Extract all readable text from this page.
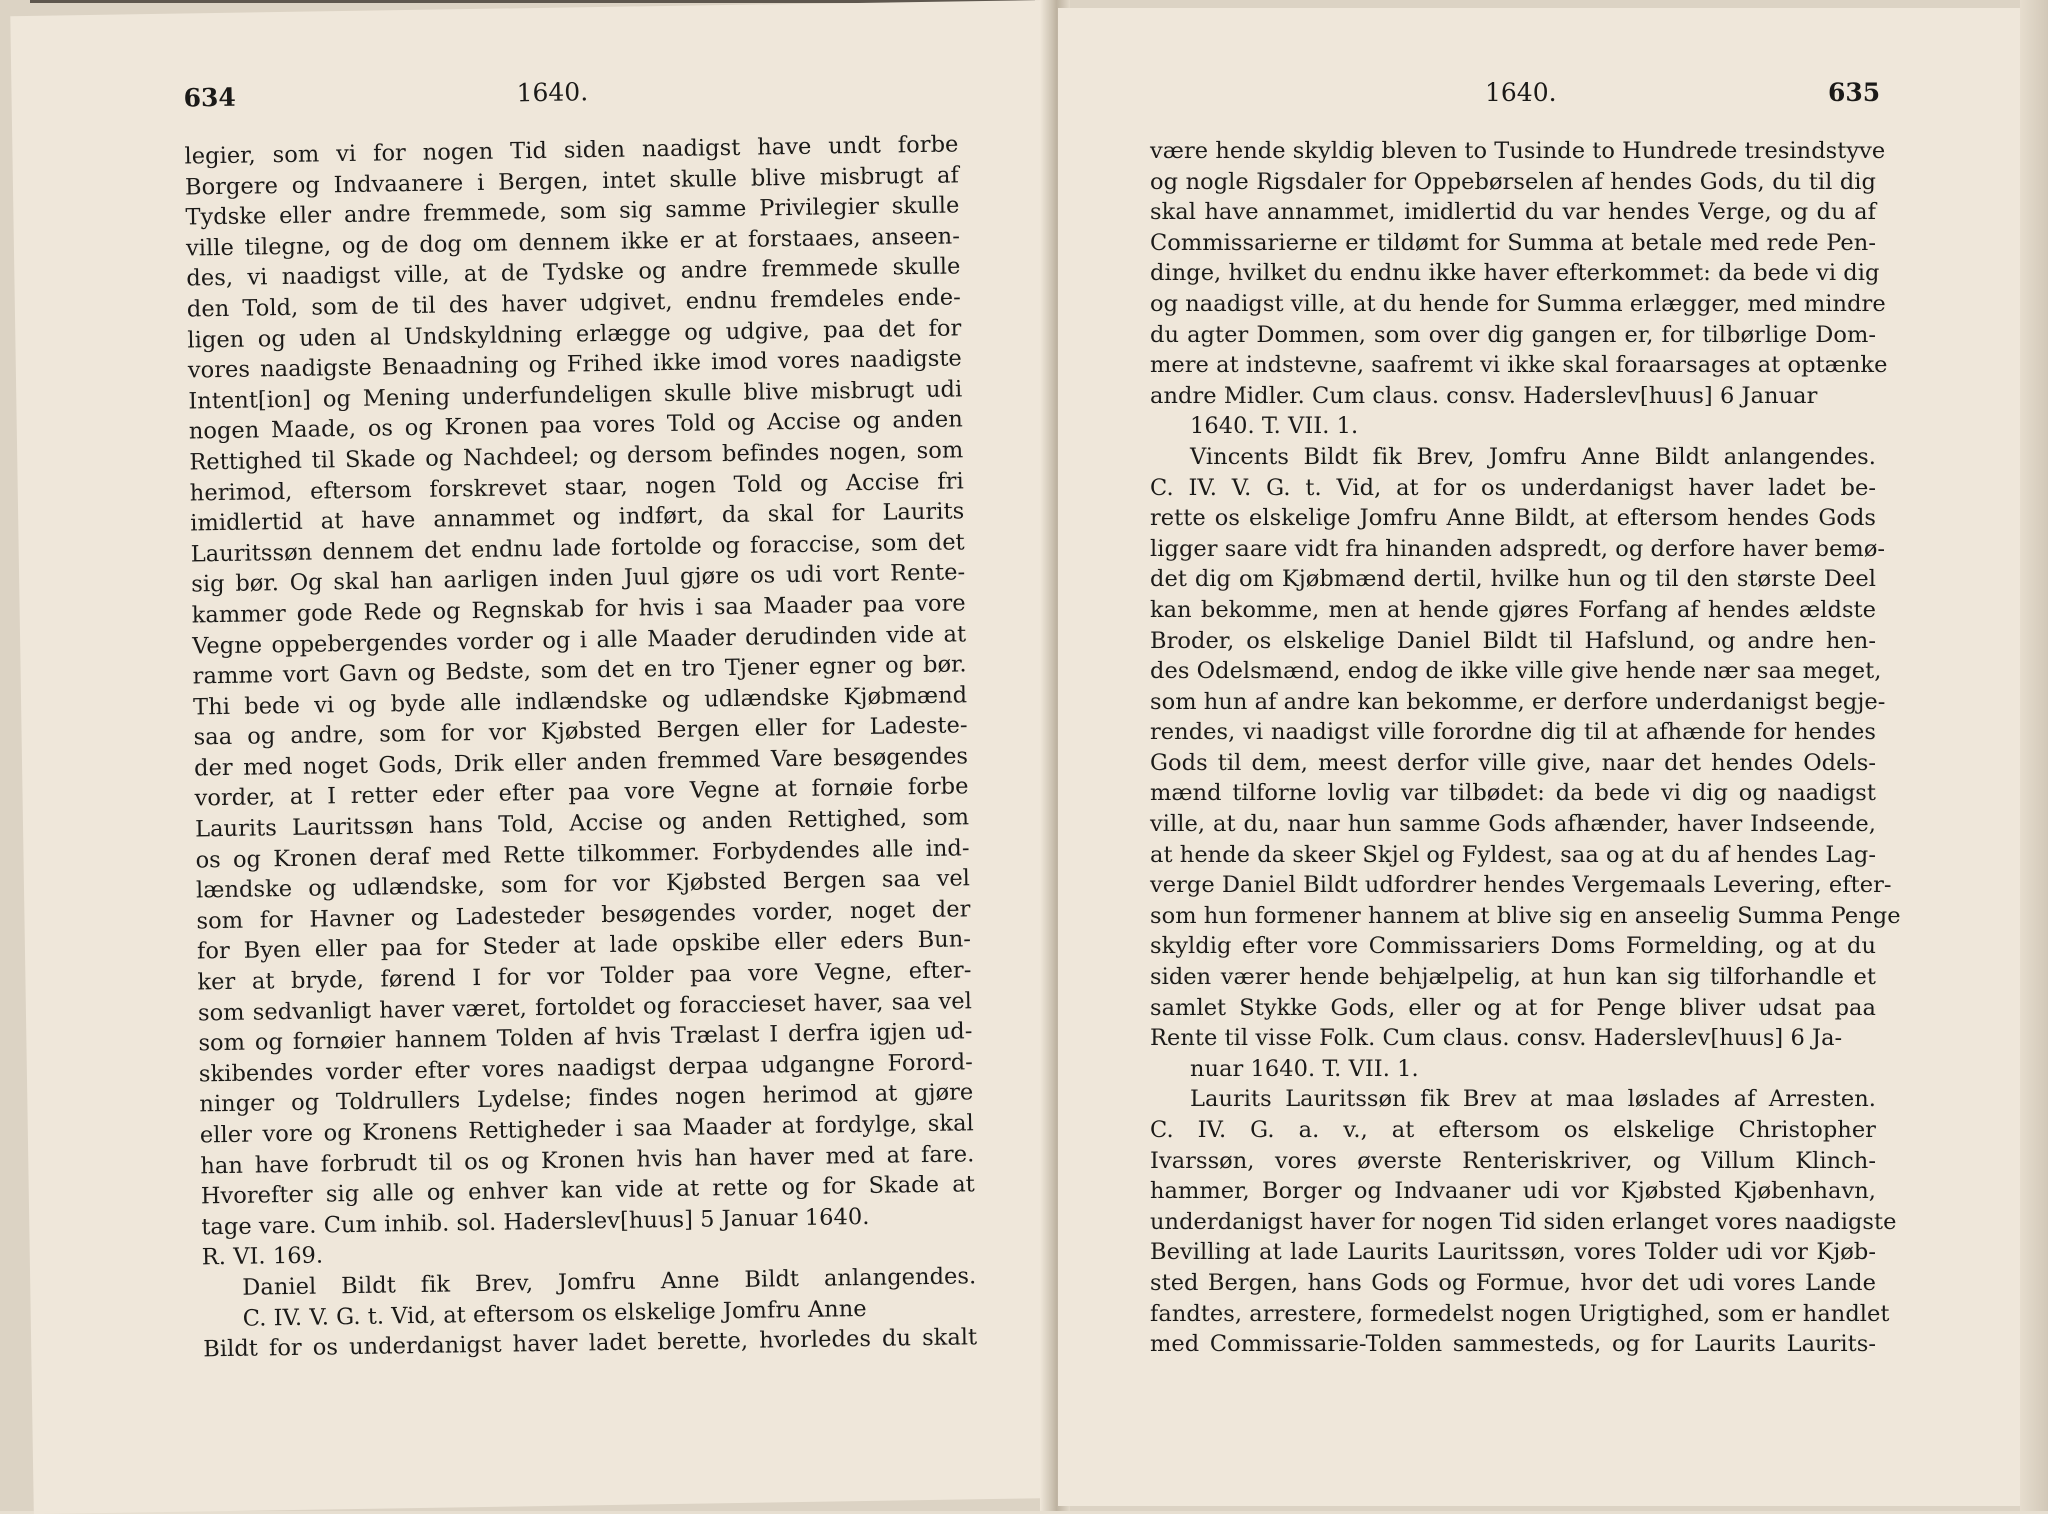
634	1640.
legier, som vi for nogen Tid siden naadigst have undt forbe
Borgere og Indvaanere i Bergen, intet skulle blive misbrugt af
Tydske eller andre fremmede, som sig samme Privilegier skulle
ville tilegne, og de dog om dennem ikke er at forstaaes, anseen-
des, vi naadigst ville, at de Tydske og andre fremmede skulle
den Told, som de til des haver udgivet, endnu fremdeles ende-
ligen og uden al Undskyldning erlægge og udgive, paa det for
vores naadigste Benaadning og Frihed ikke imod vores naadigste
Intent[ion] og Mening underfundeligen skulle blive misbrugt udi
nogen Maade, os og Kronen paa vores Told og Accise og anden
Rettighed til Skade og Nachdeel; og dersom befindes nogen, som
herimod, eftersom forskrevet staar, nogen Told og Accise fri
imidlertid at have annammet og indført, da skal for Laurits
Lauritssøn dennem det endnu lade fortolde og foraccise, som det
sig bør. Og skal han aarligen inden Juul gjøre os udi vort Rente-
kammer gode Rede og Regnskab for hvis i saa Maader paa vore
Vegne oppebergendes vorder og i alle Maader derudinden vide at
ramme vort Gavn og Bedste, som det en tro Tjener egner og bør.
Thi bede vi og byde alle indlændske og udlændske Kjøbmænd
saa og andre, som for vor Kjøbsted Bergen eller for Ladeste-
der med noget Gods, Drik eller anden fremmed Vare besøgendes
vorder, at I retter eder efter paa vore Vegne at fornøie forbe
Laurits Lauritssøn hans Told, Accise og anden Rettighed, som
os og Kronen deraf med Rette tilkommer. Forbydendes alle ind-
lændske og udlændske, som for vor Kjøbsted Bergen saa vel
som for Havner og Ladesteder besøgendes vorder, noget der
for Byen eller paa for Steder at lade opskibe eller eders Bun-
ker at bryde, førend I for vor Tolder paa vore Vegne, efter-
som sedvanligt haver været, fortoldet og foraccieset haver, saa vel
som og fornøier hannem Tolden af hvis Trælast I derfra igjen ud-
skibendes vorder efter vores naadigst derpaa udgangne Forord-
ninger og Toldrullers Lydelse; findes nogen herimod at gjøre
eller vore og Kronens Rettigheder i saa Maader at fordylge, skal
han have forbrudt til os og Kronen hvis han haver med at fare.
Hvorefter sig alle og enhver kan vide at rette og for Skade at
tage vare. Cum inhib. sol. Haderslev[huus] 5 Januar 1640.
R. VI. 169.
Daniel Bildt fik Brev, Jomfru Anne Bildt anlangendes.
C. IV. V. G. t. Vid, at eftersom os elskelige Jomfru Anne
Bildt for os underdanigst haver ladet berette, hvorledes du skalt
1640.	635
være hende skyldig bleven to Tusinde to Hundrede tresindstyve
og nogle Rigsdaler for Oppebørselen af hendes Gods, du til dig
skal have annammet, imidlertid du var hendes Verge, og du af
Commissarierne er tildømt for Summa at betale med rede Pen-
dinge, hvilket du endnu ikke haver efterkommet: da bede vi dig
og naadigst ville, at du hende for Summa erlægger, med mindre
du agter Dommen, som over dig gangen er, for tilbørlige Dom-
mere at indstevne, saafremt vi ikke skal foraarsages at optænke
andre Midler. Cum claus. consv. Haderslev[huus] 6 Januar
1640. T. VII. 1.
Vincents Bildt fik Brev, Jomfru Anne Bildt anlangendes.
C. IV. V. G. t. Vid, at for os underdanigst haver ladet be-
rette os elskelige Jomfru Anne Bildt, at eftersom hendes Gods
ligger saare vidt fra hinanden adspredt, og derfore haver bemø-
det dig om Kjøbmænd dertil, hvilke hun og til den største Deel
kan bekomme, men at hende gjøres Forfang af hendes ældste
Broder, os elskelige Daniel Bildt til Hafslund, og andre hen-
des Odelsmænd, endog de ikke ville give hende nær saa meget,
som hun af andre kan bekomme, er derfore underdanigst begje-
rendes, vi naadigst ville forordne dig til at afhænde for hendes
Gods til dem, meest derfor ville give, naar det hendes Odels-
mænd tilforne lovlig var tilbødet: da bede vi dig og naadigst
ville, at du, naar hun samme Gods afhænder, haver Indseende,
at hende da skeer Skjel og Fyldest, saa og at du af hendes Lag-
verge Daniel Bildt udfordrer hendes Vergemaals Levering, efter-
som hun formener hannem at blive sig en anseelig Summa Penge
skyldig efter vore Commissariers Doms Formelding, og at du
siden værer hende behjælpelig, at hun kan sig tilforhandle et
samlet Stykke Gods, eller og at for Penge bliver udsat paa
Rente til visse Folk. Cum claus. consv. Haderslev[huus] 6 Ja-
nuar 1640. T. VII. 1.
Laurits Lauritssøn fik Brev at maa løslades af Arresten.
C. IV. G. a. v., at eftersom os elskelige Christopher
Ivarssøn, vores øverste Renteriskriver, og Villum Klinch-
hammer, Borger og Indvaaner udi vor Kjøbsted Kjøbenhavn,
underdanigst haver for nogen Tid siden erlanget vores naadigste
Bevilling at lade Laurits Lauritssøn, vores Tolder udi vor Kjøb-
sted Bergen, hans Gods og Formue, hvor det udi vores Lande
fandtes, arrestere, formedelst nogen Urigtighed, som er handlet
med Commissarie-Tolden sammesteds, og for Laurits Laurits-
